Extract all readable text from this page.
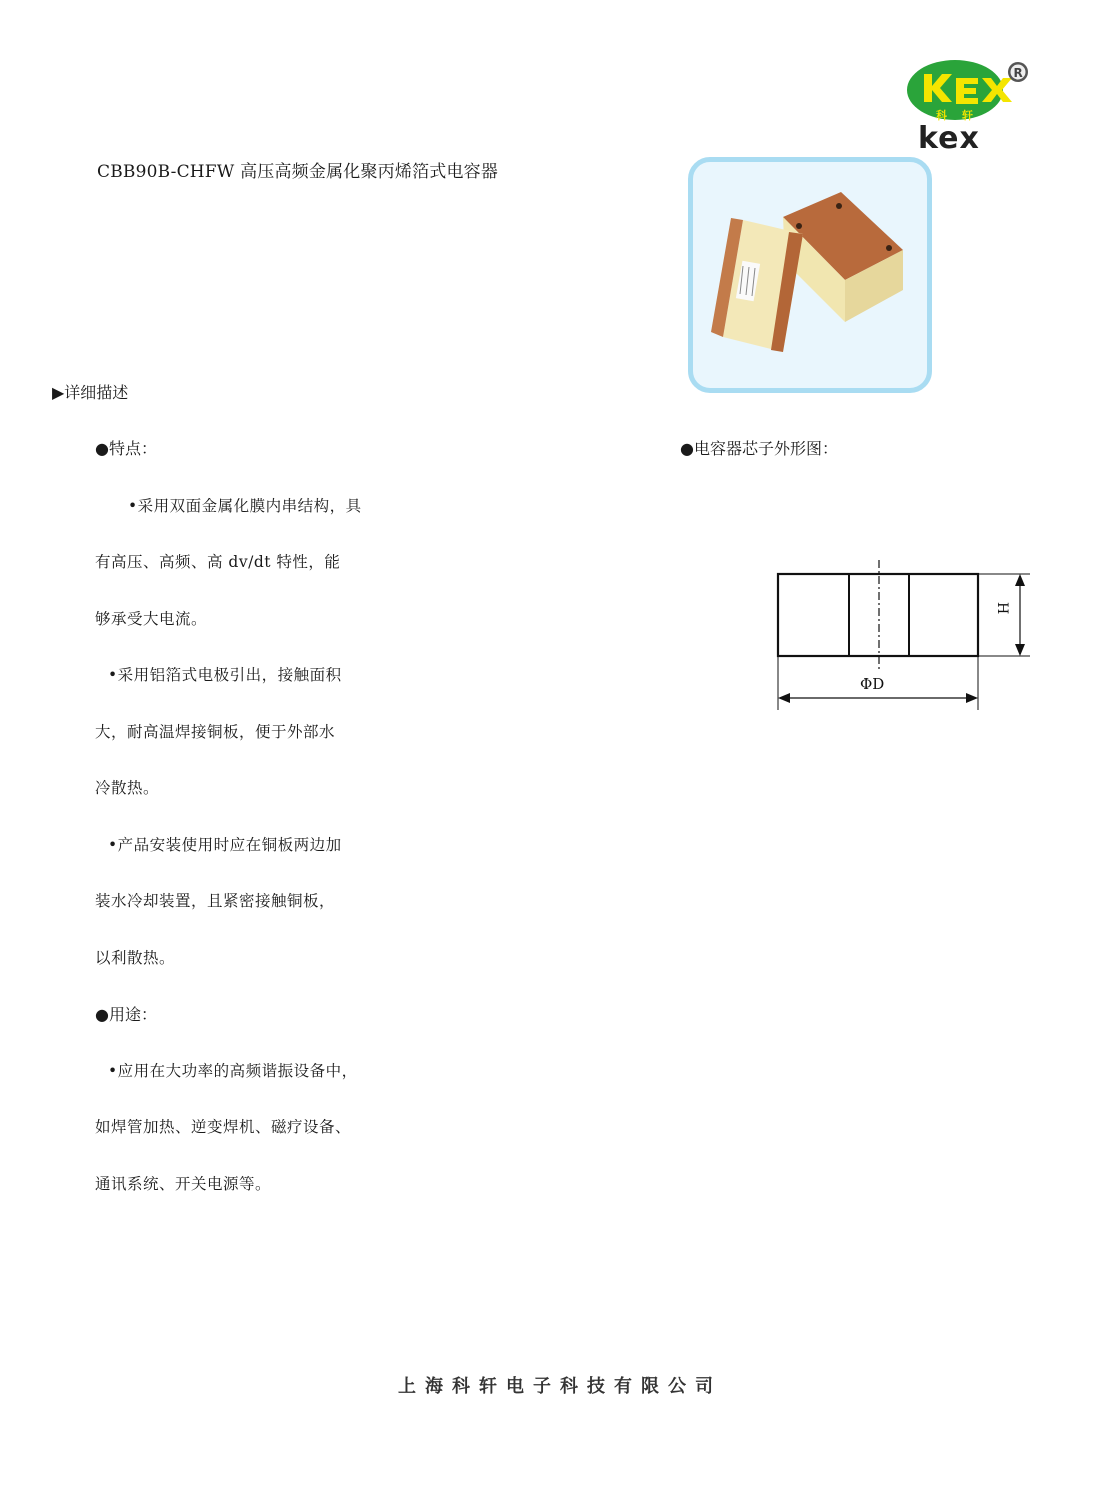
科 轩
kex
R
CBB90B-CHFW 高压高频金属化聚丙烯箔式电容器
▶详细描述
●特点：
•采用双面金属化膜内串结构，具
有高压、高频、高 dv/dt 特性，能
够承受大电流。
•采用铝箔式电极引出，接触面积
大，耐高温焊接铜板，便于外部水
冷散热。
•产品安装使用时应在铜板两边加
装水冷却装置，且紧密接触铜板，
以利散热。
●用途：
•应用在大功率的高频谐振设备中，
如焊管加热、逆变焊机、磁疗设备、
通讯系统、开关电源等。
●电容器芯子外形图：
H
ΦD
上海科轩电子科技有限公司
